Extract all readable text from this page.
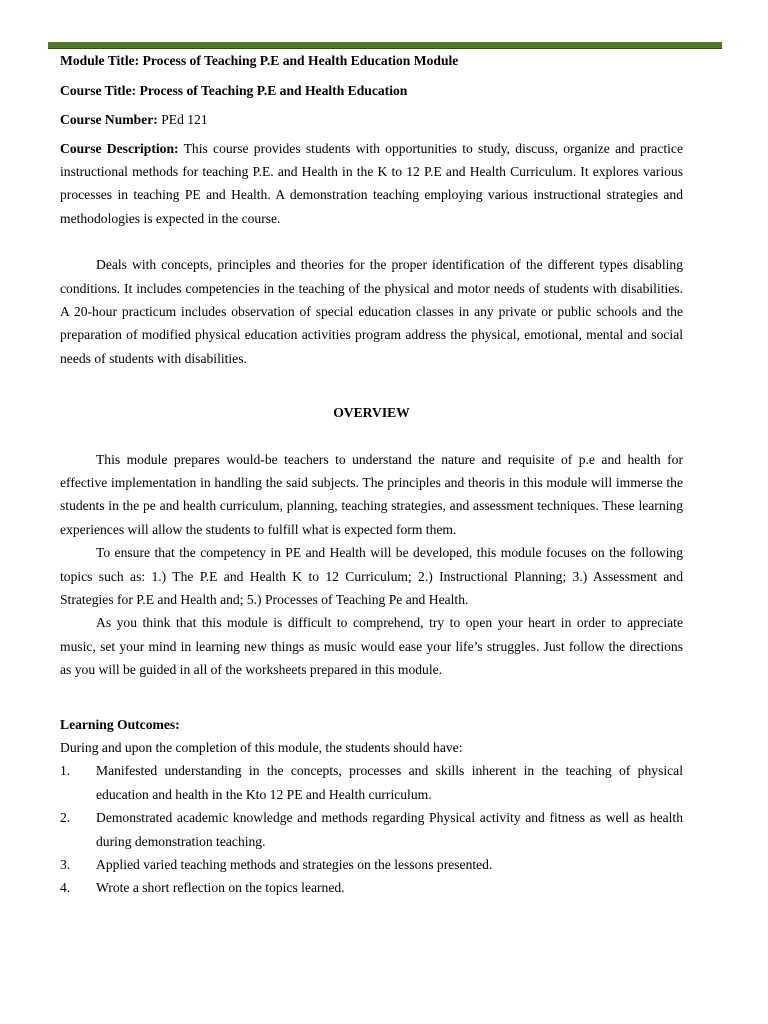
Module Title: Process of Teaching P.E and Health Education Module

Course Title: Process of Teaching P.E and Health Education

Course Number: PEd 121

Course Description: This course provides students with opportunities to study, discuss, organize and practice instructional methods for teaching P.E. and Health in the K to 12 P.E and Health Curriculum. It explores various processes in teaching PE and Health. A demonstration teaching employing various instructional strategies and methodologies is expected in the course.

Deals with concepts, principles and theories for the proper identification of the different types disabling conditions. It includes competencies in the teaching of the physical and motor needs of students with disabilities. A 20-hour practicum includes observation of special education classes in any private or public schools and the preparation of modified physical education activities program address the physical, emotional, mental and social needs of students with disabilities.

OVERVIEW

This module prepares would-be teachers to understand the nature and requisite of p.e and health for effective implementation in handling the said subjects. The principles and theoris in this module will immerse the students in the pe and health curriculum, planning, teaching strategies, and assessment techniques. These learning experiences will allow the students to fulfill what is expected form them.

To ensure that the competency in PE and Health will be developed, this module focuses on the following topics such as: 1.) The P.E and Health K to 12 Curriculum; 2.) Instructional Planning; 3.) Assessment and Strategies for P.E and Health and; 5.) Processes of Teaching Pe and Health.

As you think that this module is difficult to comprehend, try to open your heart in order to appreciate music, set your mind in learning new things as music would ease your life’s struggles. Just follow the directions as you will be guided in all of the worksheets prepared in this module.

Learning Outcomes:

During and upon the completion of this module, the students should have:

1. Manifested understanding in the concepts, processes and skills inherent in the teaching of physical education and health in the Kto 12 PE and Health curriculum.
2. Demonstrated academic knowledge and methods regarding Physical activity and fitness as well as health during demonstration teaching.
3. Applied varied teaching methods and strategies on the lessons presented.
4. Wrote a short reflection on the topics learned.
